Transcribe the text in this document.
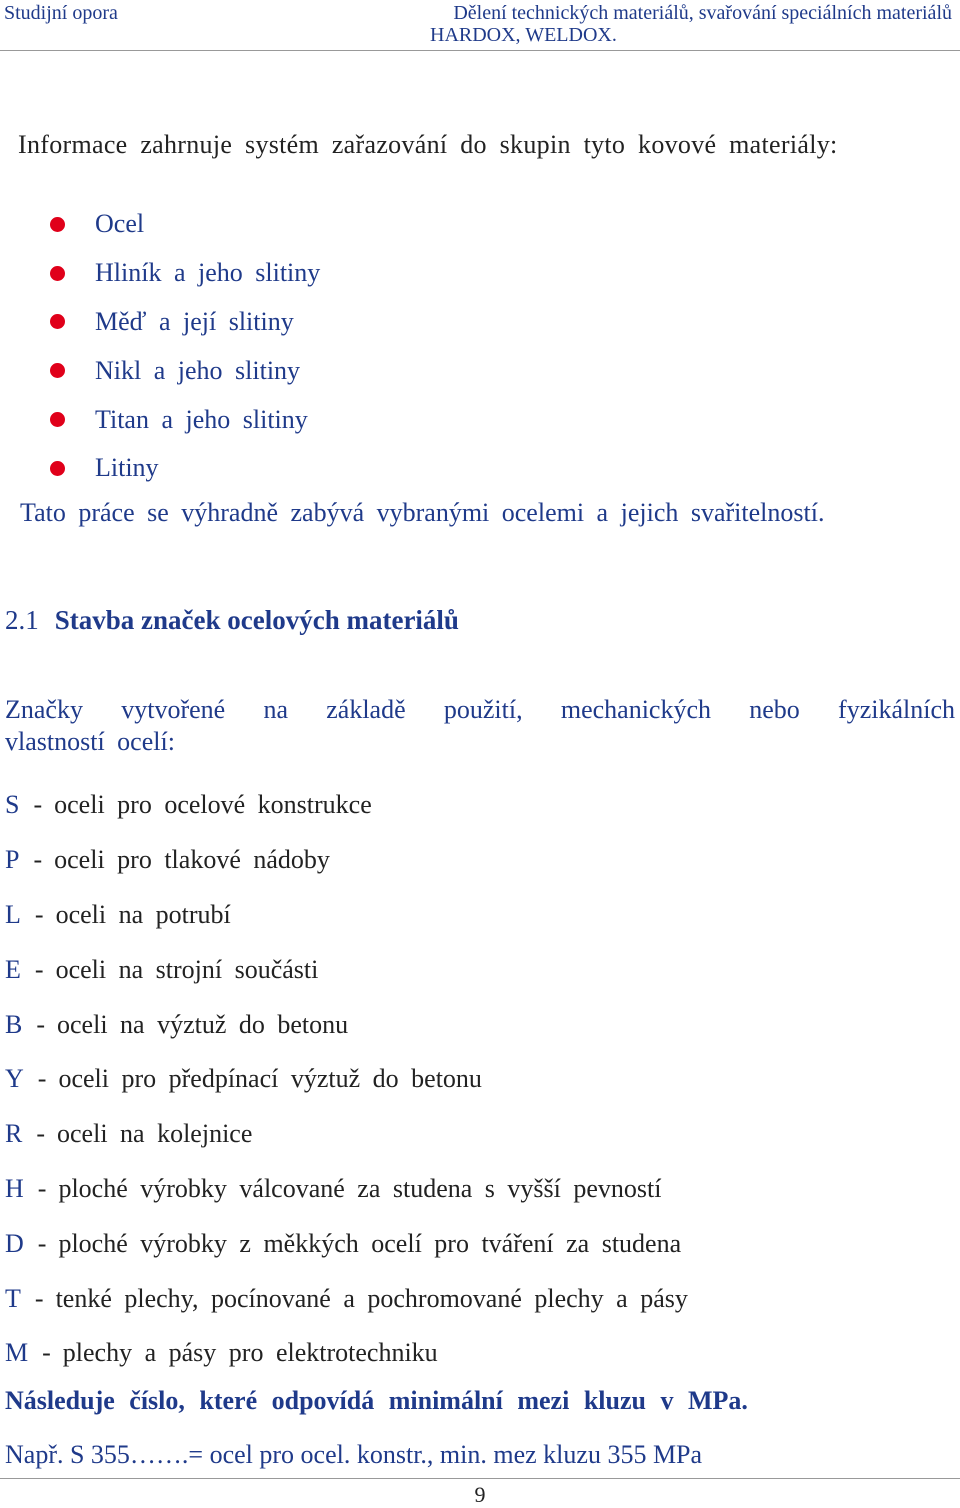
Studijní opora	Dělení technických materiálů, svařování speciálních materiálů
HARDOX, WELDOX.
Informace zahrnuje systém zařazování do skupin tyto kovové materiály:
Ocel
Hliník a jeho slitiny
Měď a její slitiny
Nikl a jeho slitiny
Titan a jeho slitiny
Litiny
Tato práce se výhradně zabývá vybranými ocelemi a jejich svařitelností.
2.1 Stavba značek ocelových materiálů
Značky vytvořené na základě použití, mechanických nebo fyzikálních
vlastností ocelí:
S - oceli pro ocelové konstrukce
P - oceli pro tlakové nádoby
L - oceli na potrubí
E - oceli na strojní součásti
B - oceli na výztuž do betonu
Y - oceli pro předpínací výztuž do betonu
R - oceli na kolejnice
H - ploché výrobky válcované za studena s vyšší pevností
D - ploché výrobky z měkkých ocelí pro tváření za studena
T - tenké plechy, pocínované a pochromované plechy a pásy
M - plechy a pásy pro elektrotechniku
Následuje číslo, které odpovídá minimální mezi kluzu v MPa.
Např. S 355…….= ocel pro ocel. konstr., min. mez kluzu 355 MPa
9
